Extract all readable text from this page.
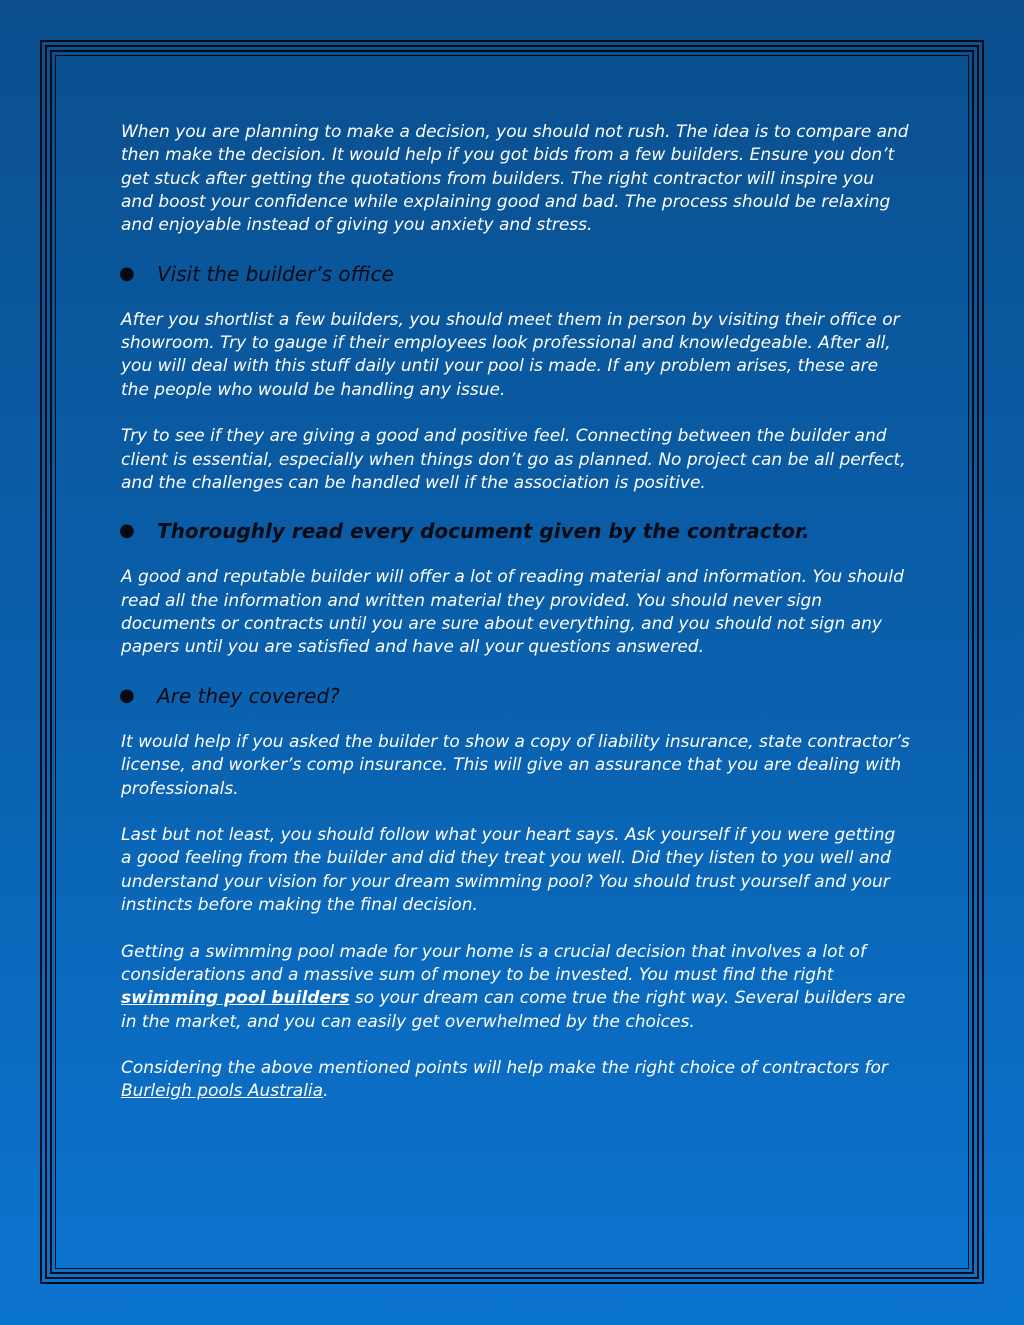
When you are planning to make a decision, you should not rush. The idea is to compare and then make the decision. It would help if you got bids from a few builders. Ensure you don’t get stuck after getting the quotations from builders. The right contractor will inspire you and boost your confidence while explaining good and bad. The process should be relaxing and enjoyable instead of giving you anxiety and stress.

●	Visit the builder’s office

After you shortlist a few builders, you should meet them in person by visiting their office or showroom. Try to gauge if their employees look professional and knowledgeable. After all, you will deal with this stuff daily until your pool is made. If any problem arises, these are the people who would be handling any issue.

Try to see if they are giving a good and positive feel. Connecting between the builder and client is essential, especially when things don’t go as planned. No project can be all perfect, and the challenges can be handled well if the association is positive.

●	Thoroughly read every document given by the contractor.

A good and reputable builder will offer a lot of reading material and information. You should read all the information and written material they provided. You should never sign documents or contracts until you are sure about everything, and you should not sign any papers until you are satisfied and have all your questions answered.

●	Are they covered?

It would help if you asked the builder to show a copy of liability insurance, state contractor’s license, and worker’s comp insurance. This will give an assurance that you are dealing with professionals.

Last but not least, you should follow what your heart says. Ask yourself if you were getting a good feeling from the builder and did they treat you well. Did they listen to you well and understand your vision for your dream swimming pool? You should trust yourself and your instincts before making the final decision.

Getting a swimming pool made for your home is a crucial decision that involves a lot of considerations and a massive sum of money to be invested. You must find the right swimming pool builders so your dream can come true the right way. Several builders are in the market, and you can easily get overwhelmed by the choices.

Considering the above mentioned points will help make the right choice of contractors for Burleigh pools Australia.
